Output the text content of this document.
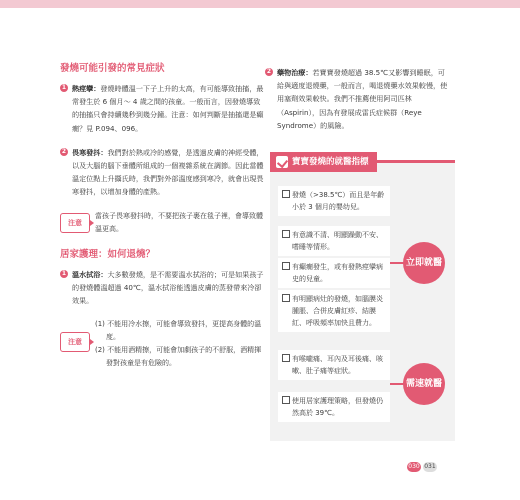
發燒可能引發的常見症狀
1 熱痙攣：發燒時體溫一下子上升的太高，有可能導致抽搐，最常發生於 6 個月～ 4 歲之間的孩童。一般而言，因發燒導致的抽搐只會持續幾秒到幾分鐘。注意：如何判斷是抽搐還是癲癇？見 P.094、096。
2 畏寒發抖：我們對於熱或冷的感覺，是透過皮膚的神經受體，以及大腦的腦下垂體所組成的一個複雜系統在調節。因此當體溫定位點上升攝氏時，我們對外部溫度感到寒冷，就會出現畏寒發抖，以增加身體的產熱。
注意
當孩子畏寒發抖時，不要把孩子裹在毯子裡，會導致體溫更高。
居家護理：如何退燒？
1 溫水拭浴：大多數發燒，是不需要溫水拭浴的；可是如果孩子的發燒體溫超過 40℃，溫水拭浴能透過皮膚的蒸發帶來冷卻效果。
注意
(1) 不能用冷水擦，可能會導致發抖，更提高身體的溫度。
(2) 不能用酒精擦，可能會加劇孩子的不舒服，酒精揮發對孩童是有危險的。
2 藥物治療：若寶寶發燒超過 38.5℃又影響到睡眠，可給與適度退燒藥，一般而言，喝退燒藥水效果較慢，使用塞劑效果較快。我們不推薦使用阿司匹林（Aspirin），因為有發展成雷氏症候群（Reye Syndrome）的風險。
寶寶發燒的就醫指標
發燒（>38.5℃）而且是年齡小於 3 個月的嬰幼兒。
有意識不清、明顯躁動不安、嗜睡等情形。
有癲癇發生，或有發熱痙攣病史的兒童。
有明顯病灶的發燒，如腦膜炎腫脹、合併皮膚紅疹、結膜紅、呼吸頻率加快且費力。
立即就醫
有喉嚨痛、耳內及耳後痛、咳嗽、肚子痛等症狀。
使用居家護理策略，但發燒仍然高於 39℃。
需速就醫
030 031
